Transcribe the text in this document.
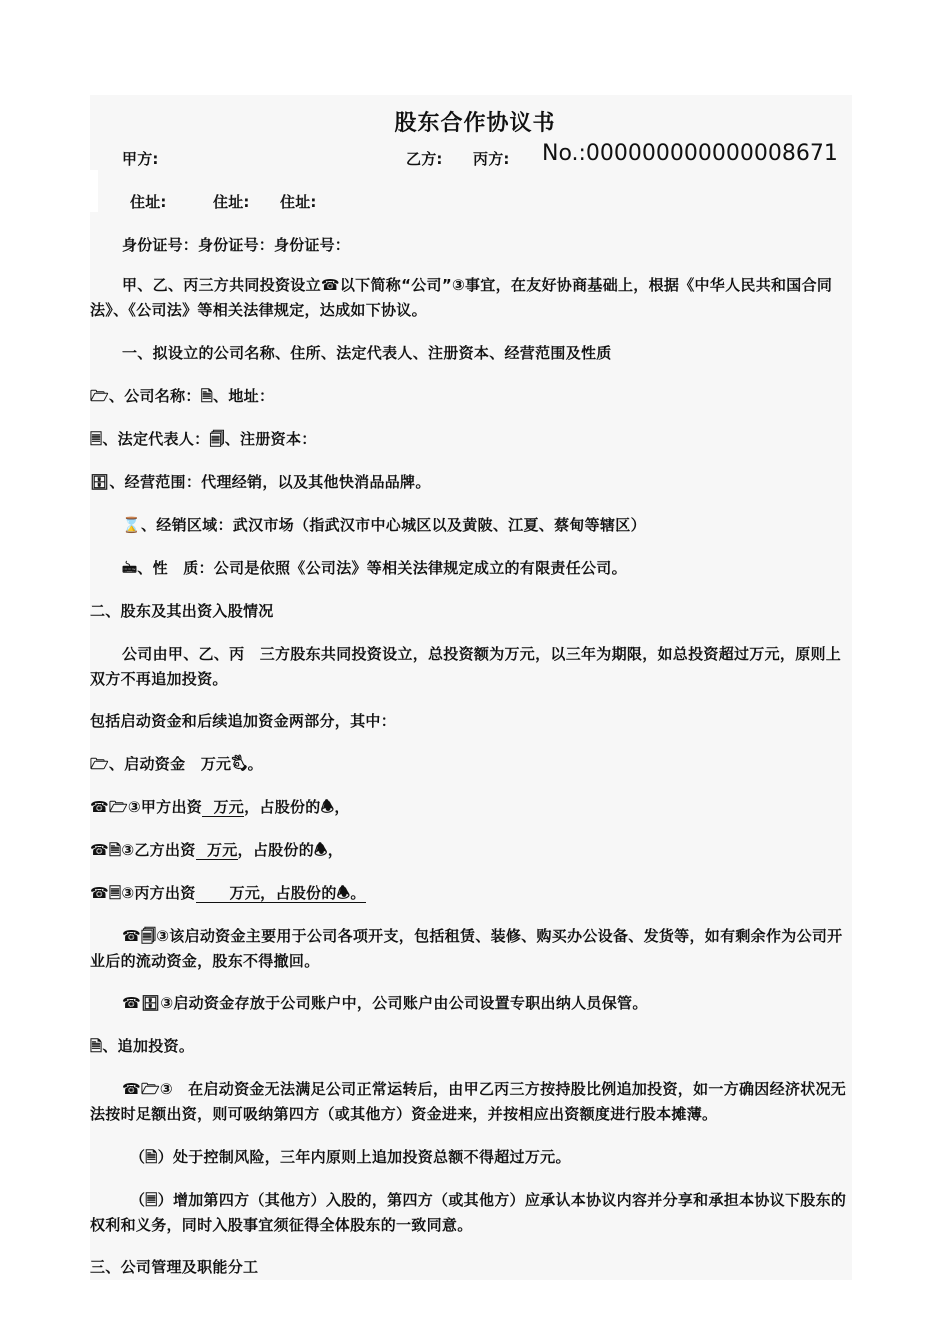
股东合作协议书
甲方:	乙方: 丙方: No.:000000000000008671
住址:	住址: 住址:
身份证号：身份证号：身份证号：
甲、乙、丙三方共同投资设立☎以下简称“公司”③事宜，在友好协商基础上，根据《中华人民共和国合同法》、《公司法》等相关法律规定，达成如下协议。
一、拟设立的公司名称、住所、法定代表人、注册资本、经营范围及性质
🗁、公司名称：🗎、地址：
🗏、法定代表人：🗐、注册资本：
🗄、经营范围：代理经销，以及其他快消品品牌。
⌛、经销区域：武汉市场（指武汉市中心城区以及黄陂、江夏、蔡甸等辖区）
🖮、性　质：公司是依照《公司法》等相关法律规定成立的有限责任公司。
二、股东及其出资入股情况
公司由甲、乙、丙　三方股东共同投资设立，总投资额为万元，以三年为期限，如总投资超过万元，原则上双方不再追加投资。
包括启动资金和后续追加资金两部分，其中：
🗁、启动资金　万元🖏。
☎🗁③甲方出资 万元，占股份的🕭，
☎🗎③乙方出资 万元，占股份的🕭，
☎🗏③丙方出资 万元，占股份的🕭。
☎🗐③该启动资金主要用于公司各项开支，包括租赁、装修、购买办公设备、发货等，如有剩余作为公司开业后的流动资金，股东不得撤回。
☎🗄③启动资金存放于公司账户中，公司账户由公司设置专职出纳人员保管。
🗎、追加投资。
☎🗁③　在启动资金无法满足公司正常运转后，由甲乙丙三方按持股比例追加投资，如一方确因经济状况无法按时足额出资，则可吸纳第四方（或其他方）资金进来，并按相应出资额度进行股本摊薄。
（🗎）处于控制风险，三年内原则上追加投资总额不得超过万元。
（🗏）增加第四方（其他方）入股的，第四方（或其他方）应承认本协议内容并分享和承担本协议下股东的权利和义务，同时入股事宜须征得全体股东的一致同意。
三、公司管理及职能分工
